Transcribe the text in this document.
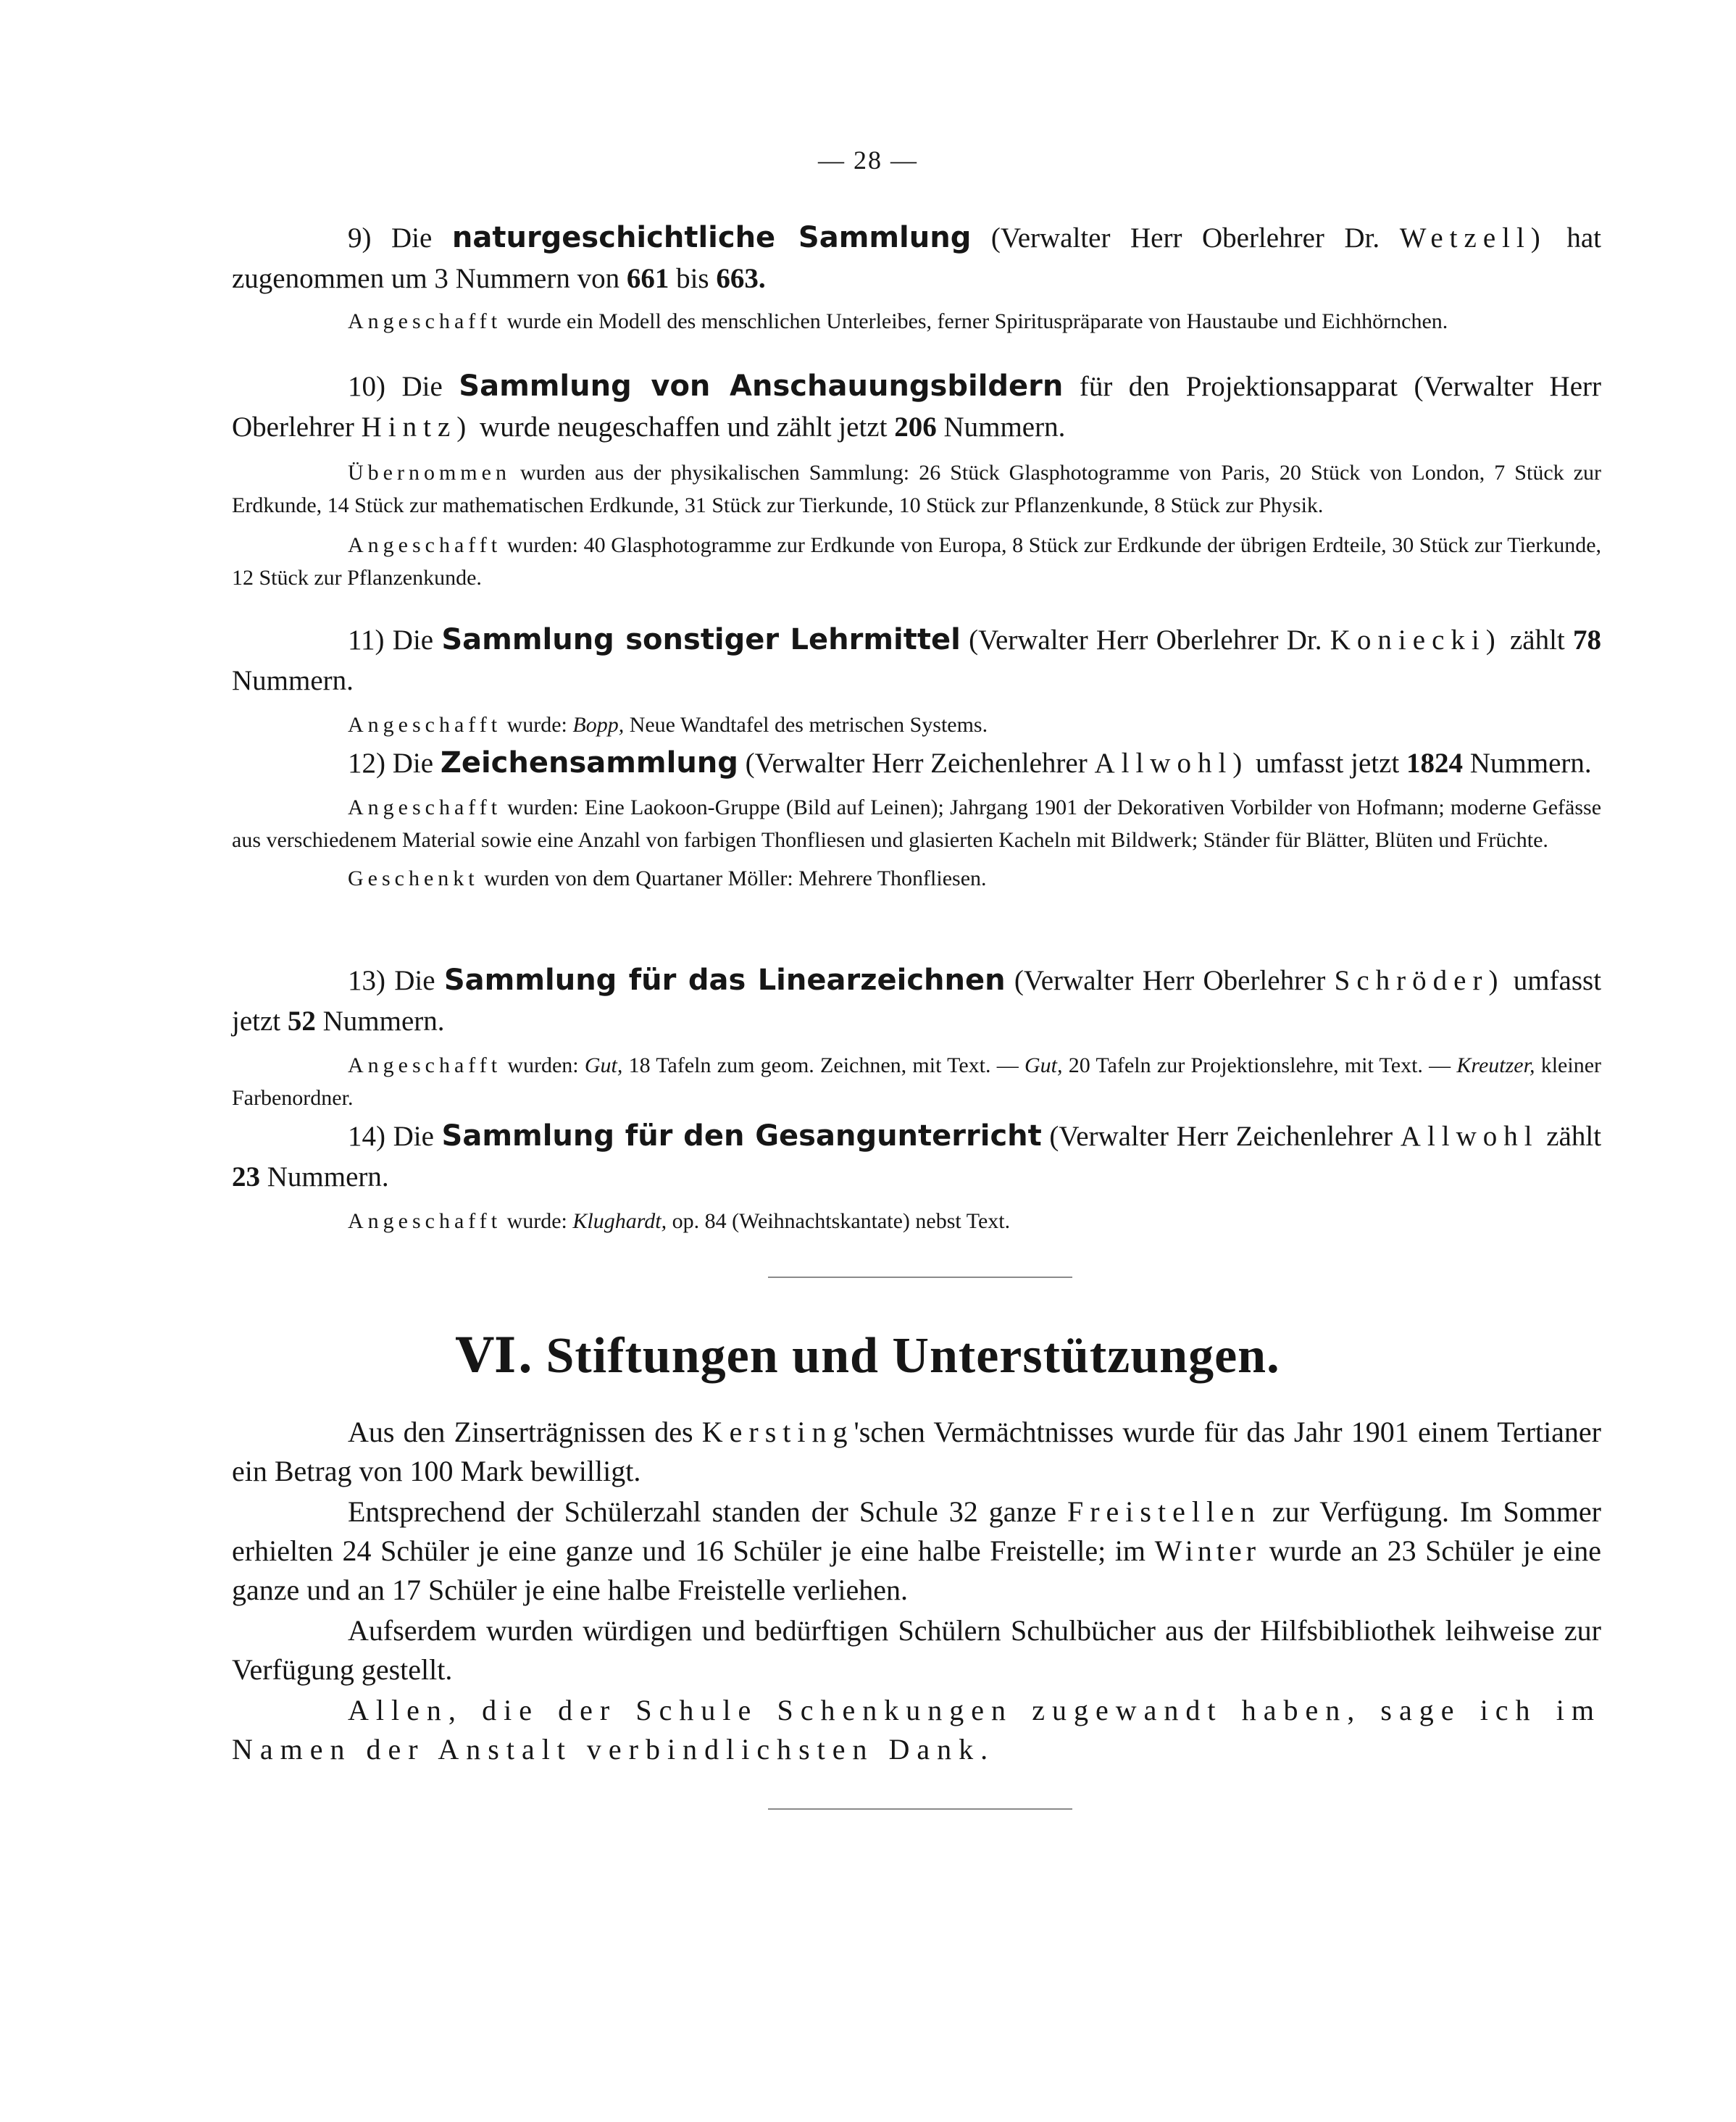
— 28 —

9) Die naturgeschichtliche Sammlung (Verwalter Herr Oberlehrer Dr. Wetzell) hat zugenommen um 3 Nummern von 661 bis 663.

Angeschafft wurde ein Modell des menschlichen Unterleibes, ferner Spirituspräparate von Haustaube und Eichhörnchen.

10) Die Sammlung von Anschauungsbildern für den Projektionsapparat (Verwalter Herr Oberlehrer Hintz) wurde neugeschaffen und zählt jetzt 206 Nummern.

Übernommen wurden aus der physikalischen Sammlung: 26 Stück Glasphotogramme von Paris, 20 Stück von London, 7 Stück zur Erdkunde, 14 Stück zur mathematischen Erdkunde, 31 Stück zur Tierkunde, 10 Stück zur Pflanzenkunde, 8 Stück zur Physik.

Angeschafft wurden: 40 Glasphotogramme zur Erdkunde von Europa, 8 Stück zur Erdkunde der übrigen Erdteile, 30 Stück zur Tierkunde, 12 Stück zur Pflanzenkunde.

11) Die Sammlung sonstiger Lehrmittel (Verwalter Herr Oberlehrer Dr. Koniecki) zählt 78 Nummern.

Angeschafft wurde: Bopp, Neue Wandtafel des metrischen Systems.

12) Die Zeichensammlung (Verwalter Herr Zeichenlehrer Allwohl) umfasst jetzt 1824 Nummern.

Angeschafft wurden: Eine Laokoon-Gruppe (Bild auf Leinen); Jahrgang 1901 der Dekorativen Vorbilder von Hofmann; moderne Gefässe aus verschiedenem Material sowie eine Anzahl von farbigen Thonfliesen und glasierten Kacheln mit Bildwerk; Ständer für Blätter, Blüten und Früchte.

Geschenkt wurden von dem Quartaner Möller: Mehrere Thonfliesen.

13) Die Sammlung für das Linearzeichnen (Verwalter Herr Oberlehrer Schröder) umfasst jetzt 52 Nummern.

Angeschafft wurden: Gut, 18 Tafeln zum geom. Zeichnen, mit Text. — Gut, 20 Tafeln zur Projektionslehre, mit Text. — Kreutzer, kleiner Farbenordner.

14) Die Sammlung für den Gesangunterricht (Verwalter Herr Zeichenlehrer Allwohl zählt 23 Nummern.

Angeschafft wurde: Klughardt, op. 84 (Weihnachtskantate) nebst Text.

VI. Stiftungen und Unterstützungen.

Aus den Zinserträgnissen des Kersting'schen Vermächtnisses wurde für das Jahr 1901 einem Tertianer ein Betrag von 100 Mark bewilligt.

Entsprechend der Schülerzahl standen der Schule 32 ganze Freistellen zur Verfügung. Im Sommer erhielten 24 Schüler je eine ganze und 16 Schüler je eine halbe Freistelle; im Winter wurde an 23 Schüler je eine ganze und an 17 Schüler je eine halbe Freistelle verliehen.

Aufserdem wurden würdigen und bedürftigen Schülern Schulbücher aus der Hilfsbibliothek leihweise zur Verfügung gestellt.

Allen, die der Schule Schenkungen zugewandt haben, sage ich im Namen der Anstalt verbindlichsten Dank.
